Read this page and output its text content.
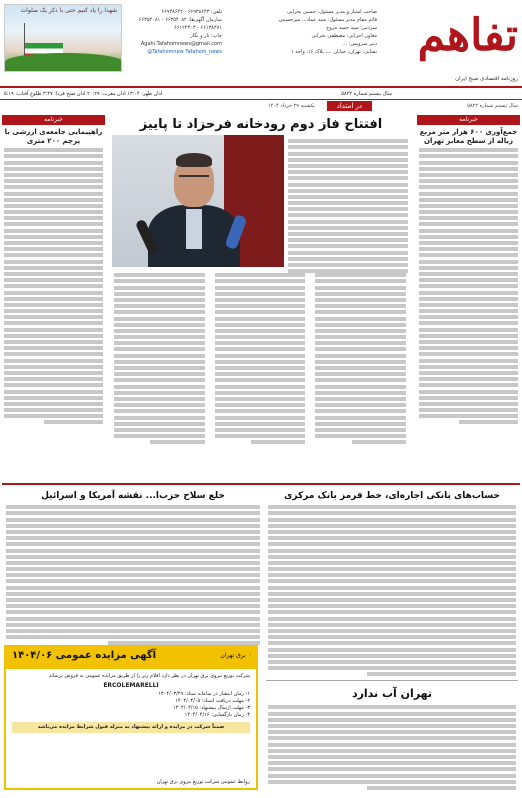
تفاهم
روزنامه اقتصادی صبح ایران
صاحب امتیاز و مدیر مسئول: حسین بحرانی
قائم مقام مدیر مسئول: سید عماد... میرحسینی
سردبیر: سید حمید مروج
معاون اجرایی: مصطفی بحرانی
دبیر سرویس: ...
نشانی: تهران، خیابان ...، پلاک ۱۶، واحد ۱
تلفن: ۶۶۹۳۸۶۴۳ - ۶۶۹۳۸۶۴۲
سازمان آگهی‌ها: ۶۶۳۵۴۰۸۲ - ۶۶۳۵۴۰۸۱
۶۶۱۳۸۴۷۱ - ۶۶۱۲۲۳۰۳
چاپ: ناز و نگار
Agahi.Tafahomnews@gmail.com
@Tafahomnew Tafahom_news
شهدا را یاد کنیم حتی با ذکر یک صلوات
اذان ظهر: ۱۳:۰۴ اذان مغرب: ۲۰:۲۹ اذان صبح فردا: ۳:۴۷ طلوع آفتاب: ۵:۱۹	سال بیستم شماره ۵۸۲۲
سال بیستم شماره ۵۸۲۲
در امتداد
یکشنبه ۲۹ خرداد ۱۴۰۴
خبرنامه
جمع‌آوری ۶۰۰ هزار متر مربع زباله از سطح معابر تهران
خبرنامه
راهپیمایی جامعه‌ی ارزشی با پرچم ۲۰۰ متری
افتتاح فاز دوم رودخانه فرحزاد تا پاییز
حساب‌های بانکی اجاره‌ای، خط قرمز بانک مرکزی
تهران آب ندارد
خلع سلاح حزب‌ا... نقشه آمریکا و اسرائیل
آگهی مزایده عمومی ۱۴۰۴/۰۶	⚡برق تهران
شرکت توزیع نیروی برق تهران در نظر دارد اقلام زیر را از طریق مزایده عمومی به فروش برساند
ERCOLEMARELLI
۱- زمان انتشار در سامانه ستاد: ۱۴۰۴/۰۳/۲۹
۲- مهلت دریافت اسناد: ۱۴۰۴/۰۴/۰۵
۳- مهلت ارسال پیشنهاد: ۱۴۰۴/۰۴/۱۵
۴- زمان بازگشایی: ۱۴۰۴/۰۴/۱۶
ضمناً شرکت در مزایده و ارائه پیشنهاد به منزله قبول شرایط مزایده می‌باشد
روابط عمومی شرکت توزیع نیروی برق تهران
